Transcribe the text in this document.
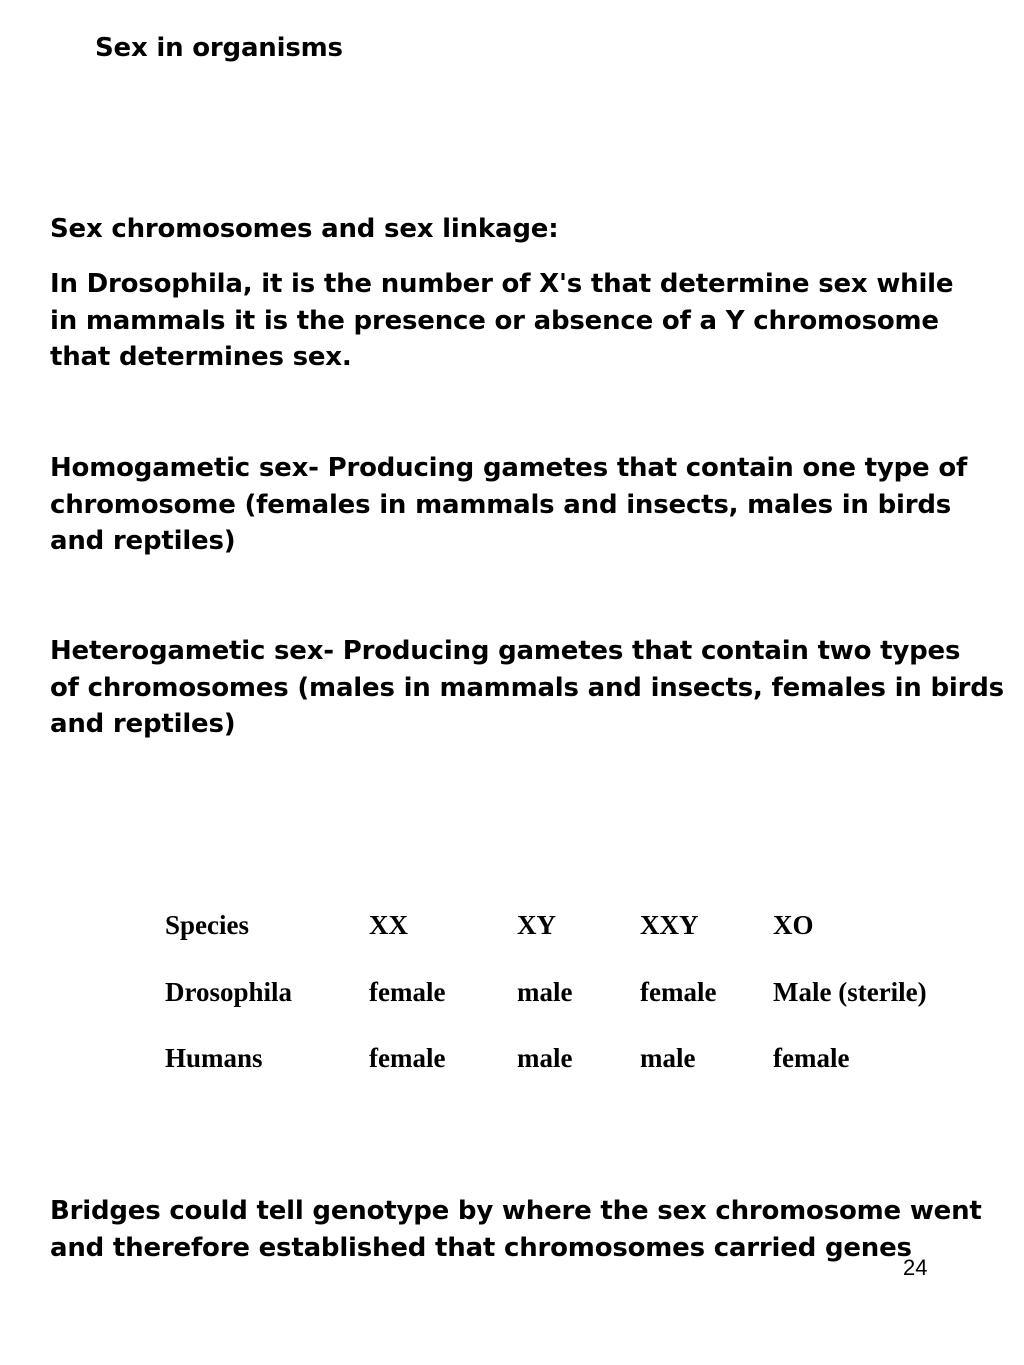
Sex in organisms
Sex chromosomes and sex linkage:
In Drosophila, it is the number of X's that determine sex while
in mammals it is the presence or absence of a Y chromosome
that determines sex.
Homogametic sex- Producing gametes that contain one type of
chromosome (females in mammals and insects, males in birds
and reptiles)
Heterogametic sex- Producing gametes that contain two types
of chromosomes (males in mammals and insects, females in birds
and reptiles)
Species	XX	XY	XXY	XO
Drosophila	female	male	female	Male (sterile)
Humans	female	male	male	female
Bridges could tell genotype by where the sex chromosome went
and therefore established that chromosomes carried genes
24
